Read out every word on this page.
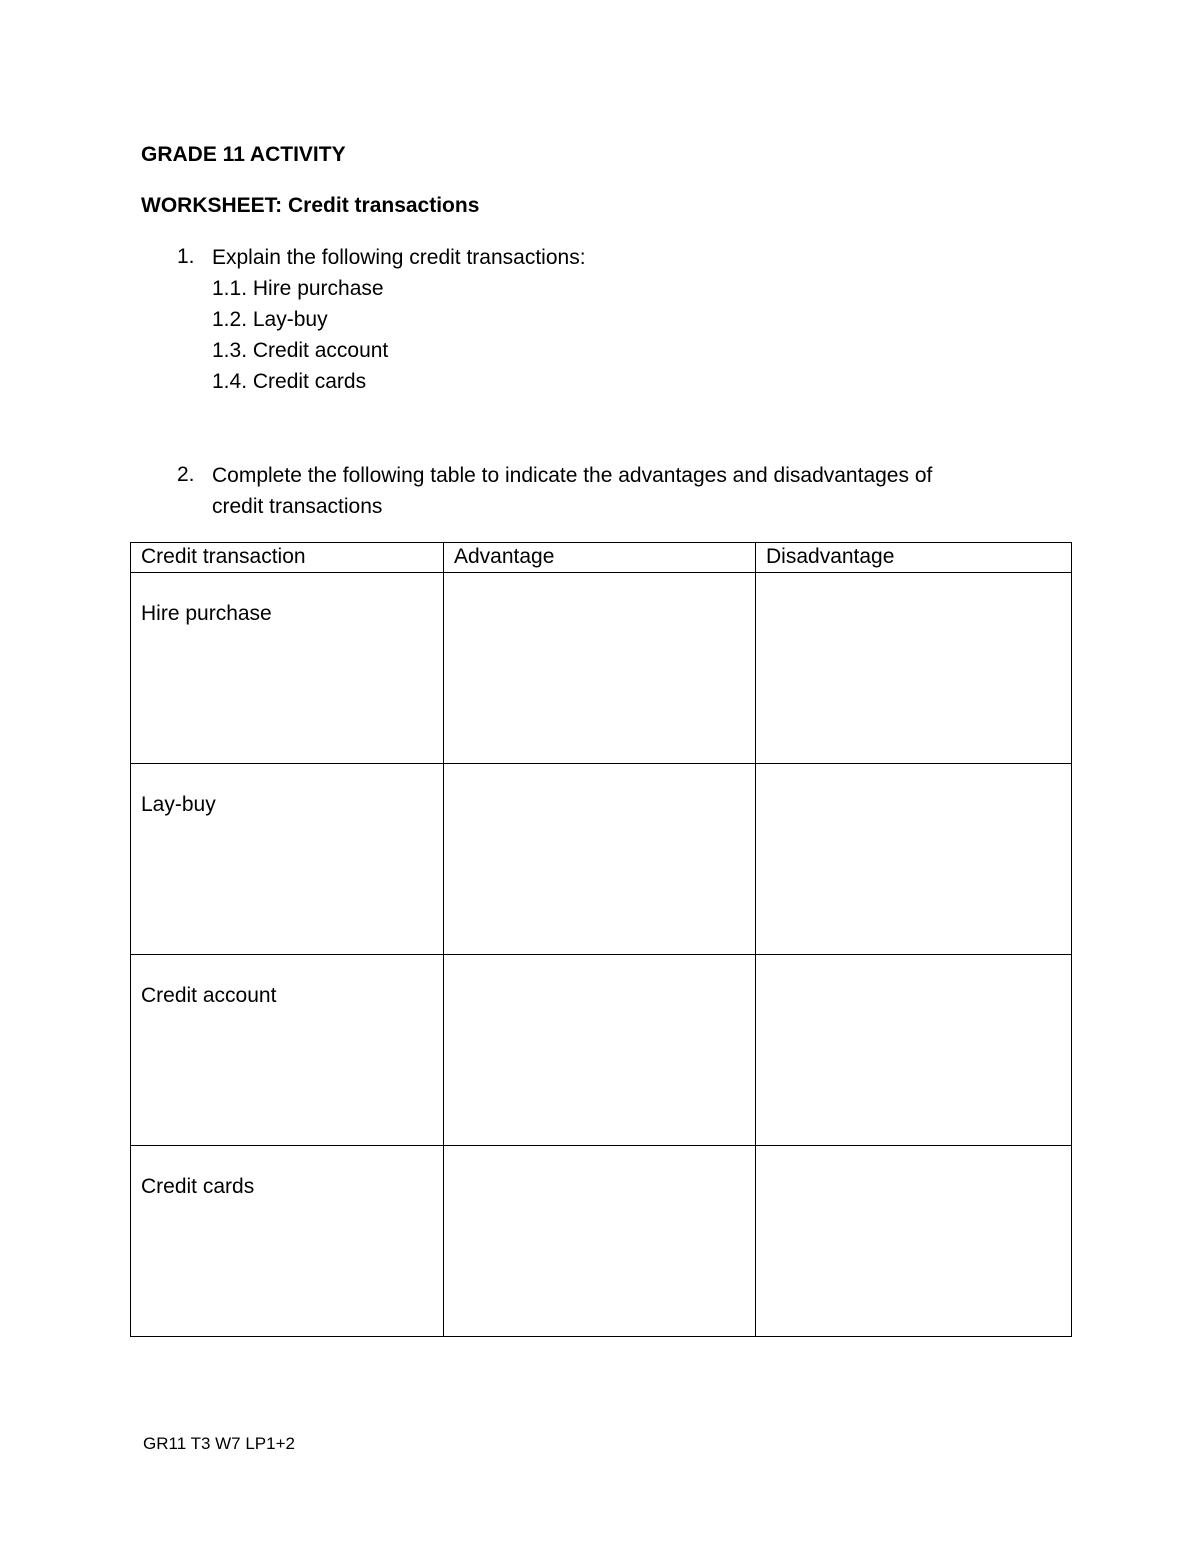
GRADE 11 ACTIVITY
WORKSHEET: Credit transactions
1. Explain the following credit transactions:
1.1. Hire purchase
1.2. Lay-buy
1.3. Credit account
1.4. Credit cards
2. Complete the following table to indicate the advantages and disadvantages of
credit transactions
Credit transaction	Advantage	Disadvantage
Hire purchase		
Lay-buy		
Credit account		
Credit cards		
GR11 T3 W7 LP1+2
